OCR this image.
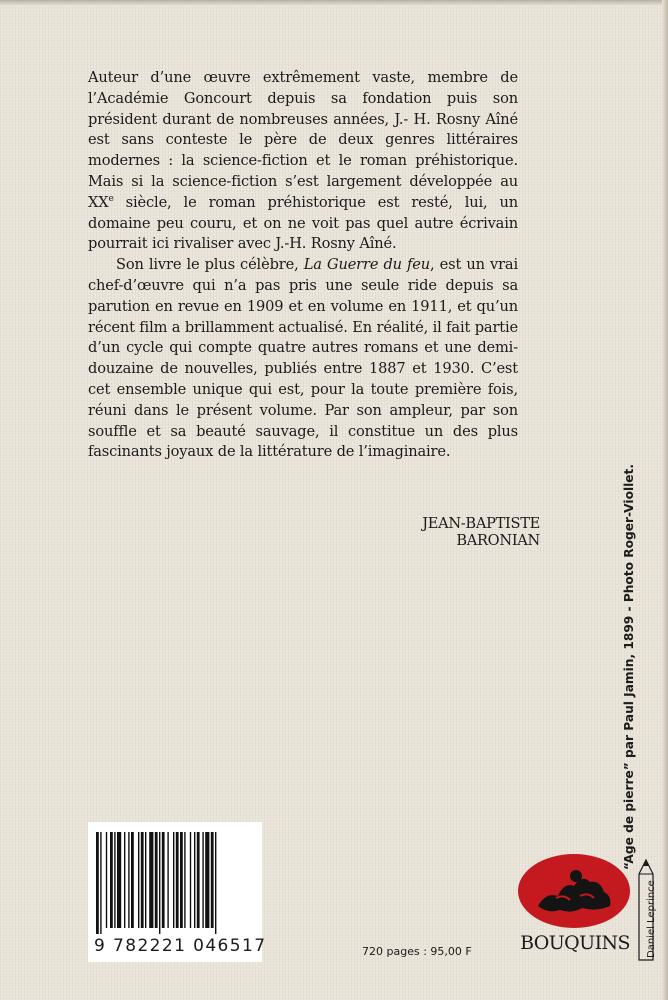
Auteur d’une œuvre extrêmement vaste, membre de l’Académie Goncourt depuis sa fondation puis son président durant de nombreuses années, J.- H. Rosny Aîné est sans conteste le père de deux genres littéraires modernes : la science-fiction et le roman préhistorique. Mais si la science-fiction s’est largement développée au XXe siècle, le roman préhistorique est resté, lui, un domaine peu couru, et on ne voit pas quel autre écrivain pourrait ici rivaliser avec J.-H. Rosny Aîné.

Son livre le plus célèbre, La Guerre du feu, est un vrai chef-d’œuvre qui n’a pas pris une seule ride depuis sa parution en revue en 1909 et en volume en 1911, et qu’un récent film a brillamment actualisé. En réalité, il fait partie d’un cycle qui compte quatre autres romans et une demi-douzaine de nouvelles, publiés entre 1887 et 1930. C’est cet ensemble unique qui est, pour la toute première fois, réuni dans le présent volume. Par son ampleur, par son souffle et sa beauté sauvage, il constitue un des plus fascinants joyaux de la littérature de l’imaginaire.

JEAN-BAPTISTE BARONIAN	“Age de pierre” par Paul Jamin, 1899 - Photo Roger-Viollet.
9 782221 046517	720 pages : 95,00 F	BOUQUINS Daniel Leprince
